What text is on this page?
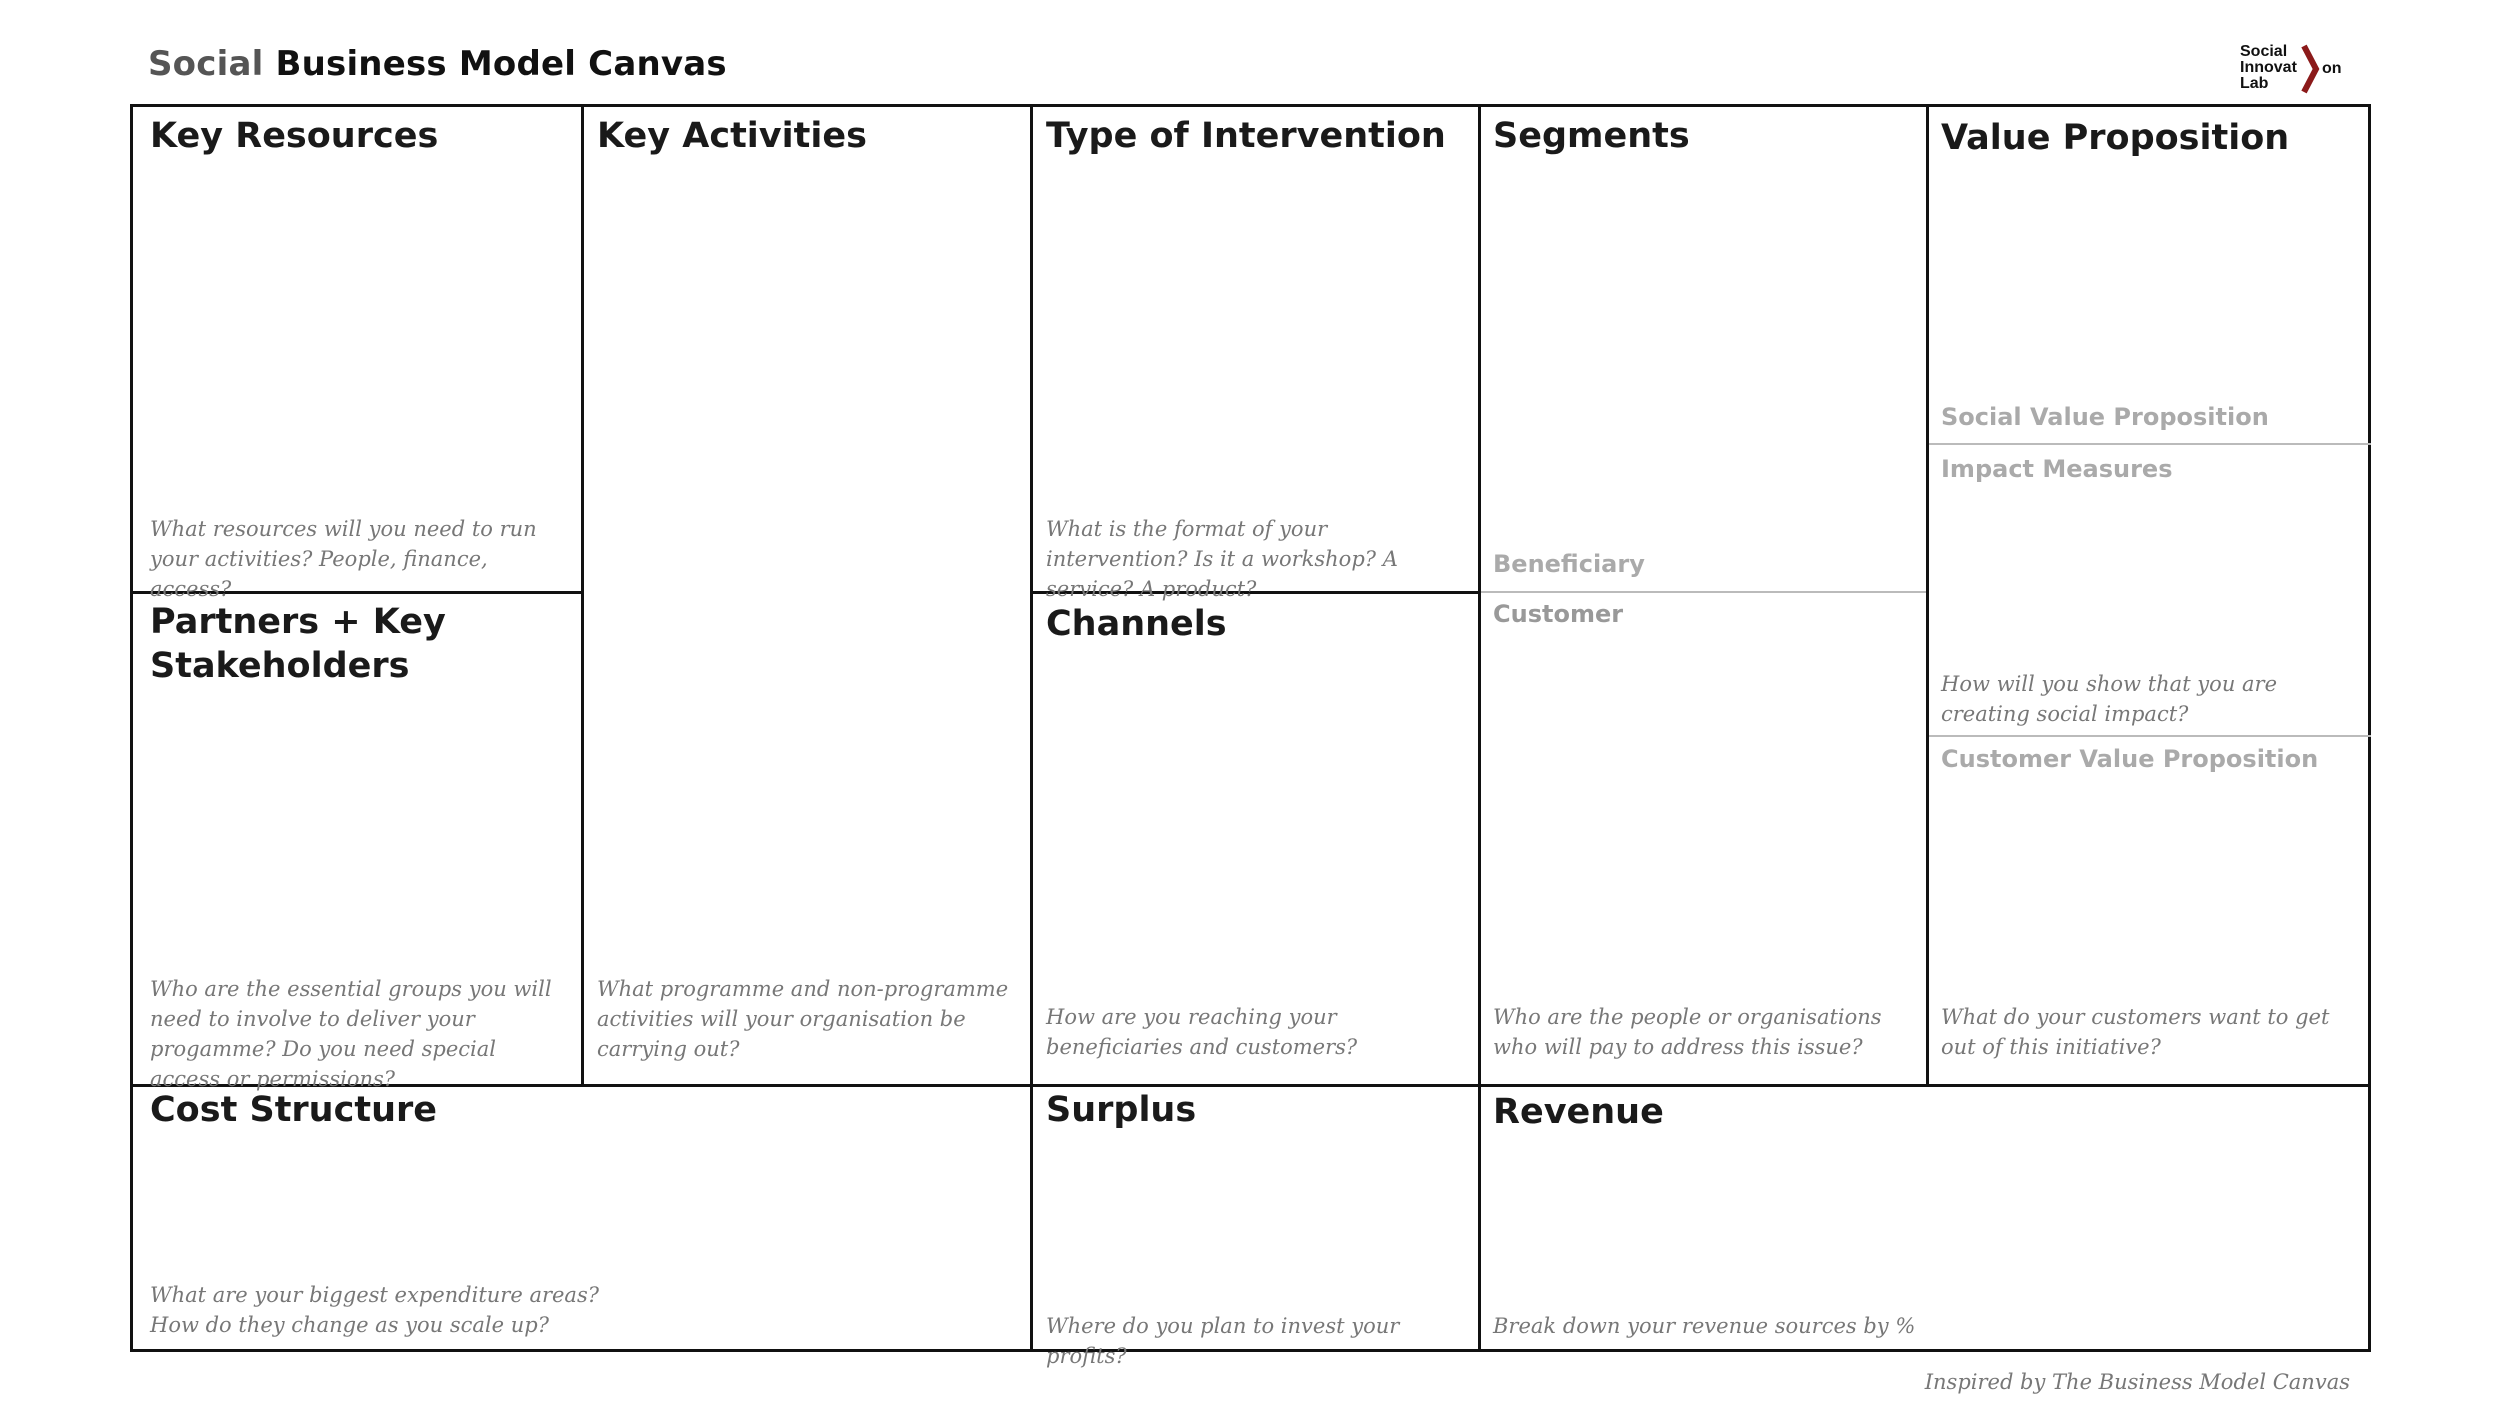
Social Business Model Canvas	Social
Innovat
Lab
on
Key Resources
What resources will you need to run your activities? People, finance, access?
Key Activities
What programme and non-programme activities will your organisation be carrying out?
Type of Intervention
What is the format of your intervention? Is it a workshop? A service? A product?
Segments
Beneficiary
Customer
Who are the people or organisations who will pay to address this issue?
Value Proposition
Social Value Proposition
Impact Measures
How will you show that you are creating social impact?
Customer Value Proposition
What do your customers want to get out of this initiative?
Partners + Key
Stakeholders
Who are the essential groups you will need to involve to deliver your progamme? Do you need special access or permissions?
Channels
How are you reaching your beneficiaries and customers?
Cost Structure
What are your biggest expenditure areas?
How do they change as you scale up?
Surplus
Where do you plan to invest your profits?
Revenue
Break down your revenue sources by %
Inspired by The Business Model Canvas
